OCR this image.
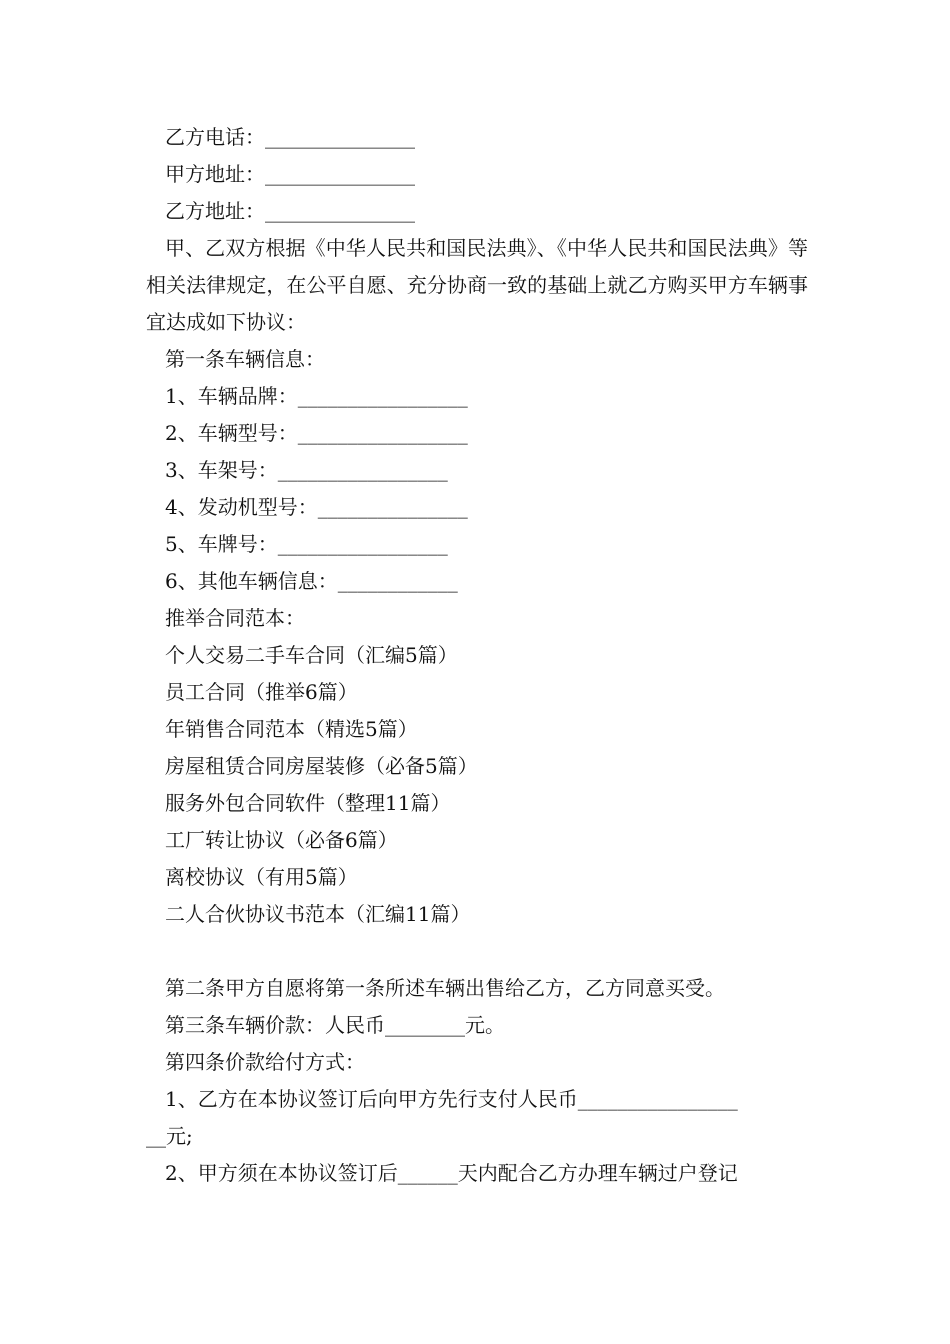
乙方电话：_______________
甲方地址：_______________
乙方地址：_______________
甲、乙双方根据《中华人民共和国民法典》、《中华人民共和国民法典》等相关法律规定，在公平自愿、充分协商一致的基础上就乙方购买甲方车辆事宜达成如下协议：
第一条车辆信息：
1、车辆品牌：_________________
2、车辆型号：_________________
3、车架号：_________________
4、发动机型号：_______________
5、车牌号：_________________
6、其他车辆信息：____________
推举合同范本：
个人交易二手车合同（汇编5篇）
员工合同（推举6篇）
年销售合同范本（精选5篇）
房屋租赁合同房屋装修（必备5篇）
服务外包合同软件（整理11篇）
工厂转让协议（必备6篇）
离校协议（有用5篇）
二人合伙协议书范本（汇编11篇）
第二条甲方自愿将第一条所述车辆出售给乙方，乙方同意买受。
第三条车辆价款：人民币________元。
第四条价款给付方式：
1、乙方在本协议签订后向甲方先行支付人民币________________
__元;
2、甲方须在本协议签订后______天内配合乙方办理车辆过户登记
